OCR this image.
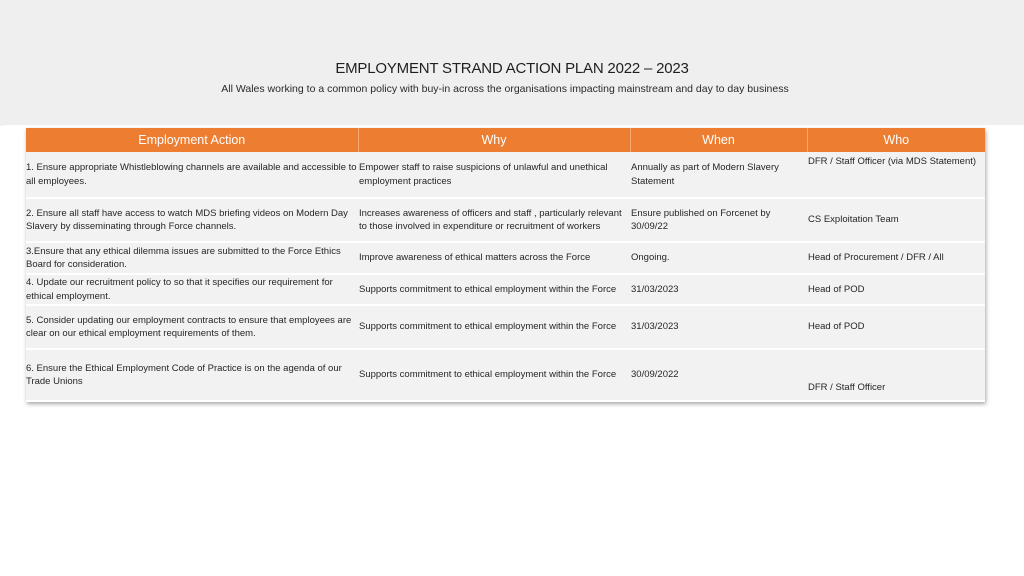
EMPLOYMENT STRAND ACTION PLAN 2022 – 2023
All Wales working to a common policy with buy-in across the organisations impacting mainstream and day to day business
Employment Action	Why	When	Who
1. Ensure appropriate Whistleblowing channels are available and accessible to all employees.	Empower staff to raise suspicions of unlawful and unethical employment practices	Annually as part of Modern Slavery Statement	DFR / Staff Officer (via MDS Statement)
2. Ensure all staff have access to watch MDS briefing videos on Modern Day Slavery by disseminating through Force channels.	Increases awareness of officers and staff , particularly relevant to those involved in expenditure or recruitment of workers	Ensure published on Forcenet by 30/09/22	CS Exploitation Team
3.Ensure that any ethical dilemma issues are submitted to the Force Ethics Board for consideration.	Improve awareness of ethical matters across the Force	Ongoing.	Head of Procurement / DFR / All
4. Update our recruitment policy to so that it specifies our requirement for ethical employment.	Supports commitment to ethical employment within the Force	31/03/2023	Head of POD
5. Consider updating our employment contracts to ensure that employees are clear on our ethical employment requirements of them.	Supports commitment to ethical employment within the Force	31/03/2023	Head of POD
6. Ensure the Ethical Employment Code of Practice is on the agenda of our Trade Unions	Supports commitment to ethical employment within the Force	30/09/2022	DFR / Staff Officer
